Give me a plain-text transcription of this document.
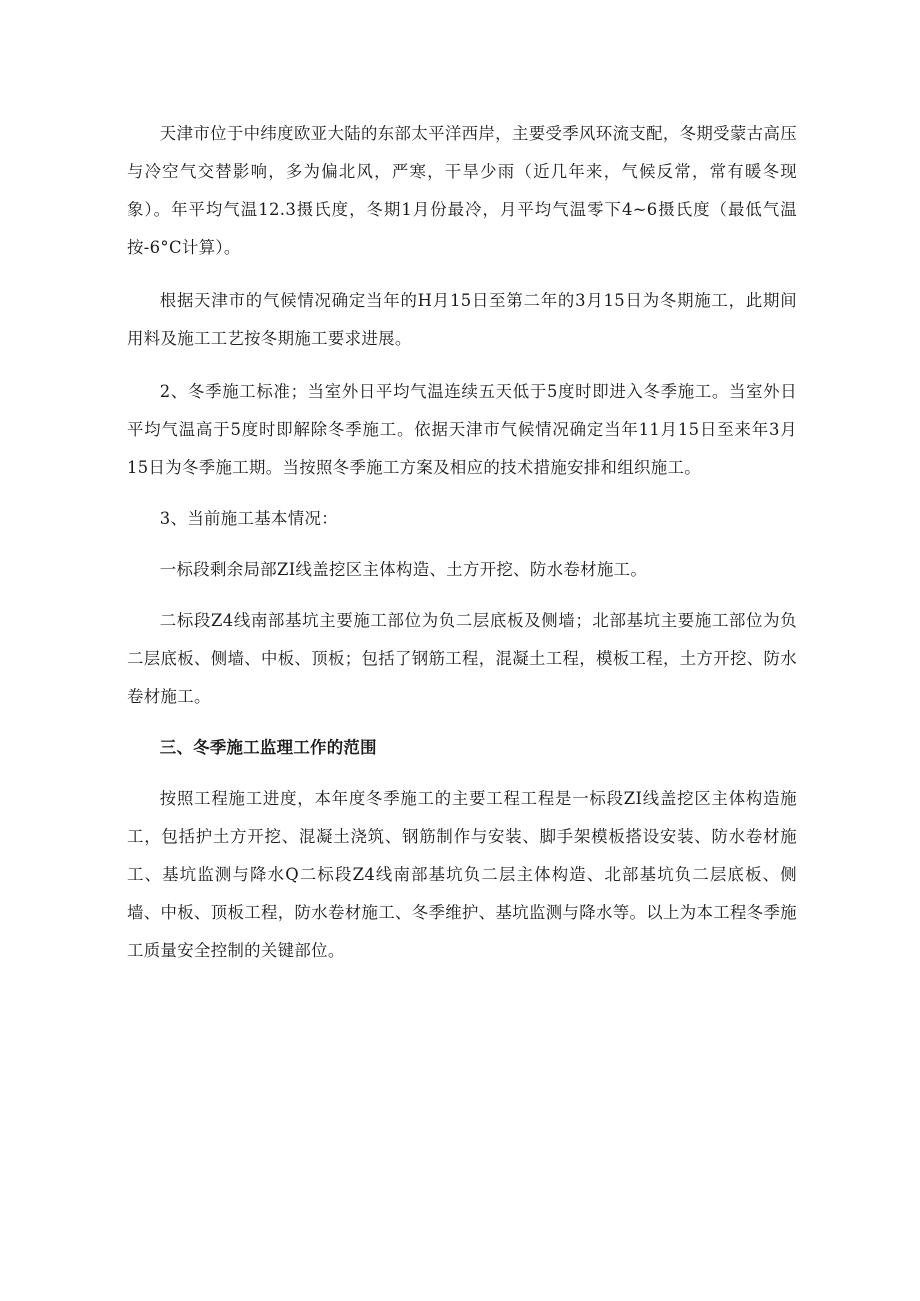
天津市位于中纬度欧亚大陆的东部太平洋西岸，主要受季风环流支配，冬期受蒙古高压与冷空气交替影响，多为偏北风，严寒，干旱少雨（近几年来，气候反常，常有暖冬现象）。年平均气温12.3摄氏度，冬期1月份最冷，月平均气温零下4~6摄氏度（最低气温按-6°C计算）。

根据天津市的气候情况确定当年的H月15日至第二年的3月15日为冬期施工，此期间用料及施工工艺按冬期施工要求进展。

2、冬季施工标准；当室外日平均气温连续五天低于5度时即进入冬季施工。当室外日平均气温高于5度时即解除冬季施工。依据天津市气候情况确定当年11月15日至来年3月15日为冬季施工期。当按照冬季施工方案及相应的技术措施安排和组织施工。

3、当前施工基本情况：

一标段剩余局部ZI线盖挖区主体构造、土方开挖、防水卷材施工。

二标段Z4线南部基坑主要施工部位为负二层底板及侧墙；北部基坑主要施工部位为负二层底板、侧墙、中板、顶板；包括了钢筋工程，混凝土工程，模板工程，土方开挖、防水卷材施工。

三、冬季施工监理工作的范围

按照工程施工进度，本年度冬季施工的主要工程工程是一标段ZI线盖挖区主体构造施工，包括护土方开挖、混凝土浇筑、钢筋制作与安装、脚手架模板搭设安装、防水卷材施工、基坑监测与降水Q二标段Z4线南部基坑负二层主体构造、北部基坑负二层底板、侧墙、中板、顶板工程，防水卷材施工、冬季维护、基坑监测与降水等。以上为本工程冬季施工质量安全控制的关键部位。
